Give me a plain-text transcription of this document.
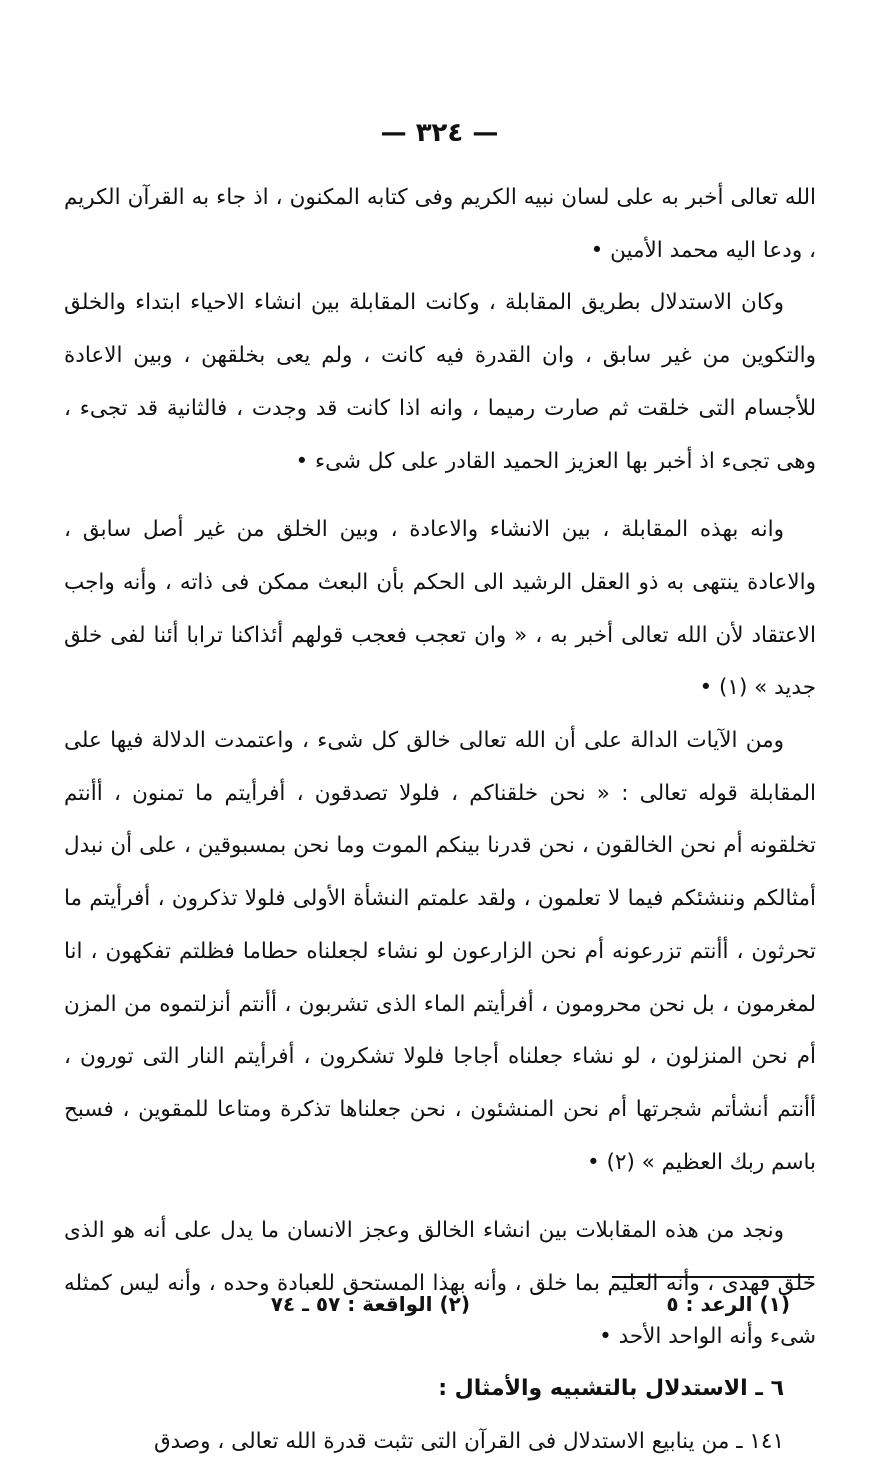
— ٣٢٤ —

الله تعالى أخبر به على لسان نبيه الكريم وفى كتابه المكنون ، اذ جاء به القرآن الكريم ، ودعا اليه محمد الأمين •

وكان الاستدلال بطريق المقابلة ، وكانت المقابلة بين انشاء الاحياء ابتداء والخلق والتكوين من غير سابق ، وان القدرة فيه كانت ، ولم يعى بخلقهن ، وبين الاعادة للأجسام التى خلقت ثم صارت رميما ، وانه اذا كانت قد وجدت ، فالثانية قد تجىء ، وهى تجىء اذ أخبر بها العزيز الحميد القادر على كل شىء •

وانه بهذه المقابلة ، بين الانشاء والاعادة ، وبين الخلق من غير أصل سابق ، والاعادة ينتهى به ذو العقل الرشيد الى الحكم بأن البعث ممكن فى ذاته ، وأنه واجب الاعتقاد لأن الله تعالى أخبر به ، « وان تعجب فعجب قولهم أئذاكنا ترابا أئنا لفى خلق جديد » (١) •

ومن الآيات الدالة على أن الله تعالى خالق كل شىء ، واعتمدت الدلالة فيها على المقابلة قوله تعالى : « نحن خلقناكم ، فلولا تصدقون ، أفرأيتم ما تمنون ، أأنتم تخلقونه أم نحن الخالقون ، نحن قدرنا بينكم الموت وما نحن بمسبوقين ، على أن نبدل أمثالكم وننشئكم فيما لا تعلمون ، ولقد علمتم النشأة الأولى فلولا تذكرون ، أفرأيتم ما تحرثون ، أأنتم تزرعونه أم نحن الزارعون لو نشاء لجعلناه حطاما فظلتم تفكهون ، انا لمغرمون ، بل نحن محرومون ، أفرأيتم الماء الذى تشربون ، أأنتم أنزلتموه من المزن أم نحن المنزلون ، لو نشاء جعلناه أجاجا فلولا تشكرون ، أفرأيتم النار التى تورون ، أأنتم أنشأتم شجرتها أم نحن المنشئون ، نحن جعلناها تذكرة ومتاعا للمقوين ، فسبح باسم ربك العظيم » (٢) •

ونجد من هذه المقابلات بين انشاء الخالق وعجز الانسان ما يدل على أنه هو الذى خلق فهدى ، وأنه العليم بما خلق ، وأنه بهذا المستحق للعبادة وحده ، وأنه ليس كمثله شىء وأنه الواحد الأحد •

٦ ـ الاستدلال بالتشبيه والأمثال :

١٤١ ـ من ينابيع الاستدلال فى القرآن التى تثبت قدرة الله تعالى ، وصدق

(١) الرعد : ٥
(٢) الواقعة : ٥٧ ـ ٧٤
